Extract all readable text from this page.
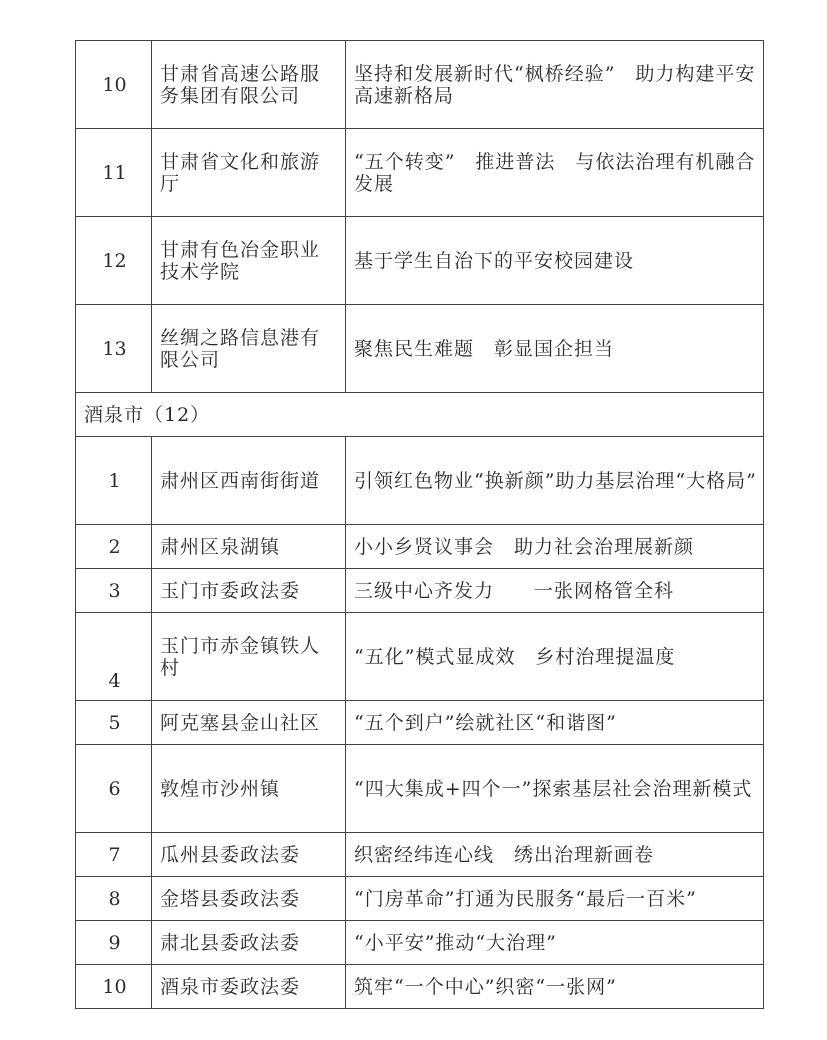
10	甘肃省高速公路服务集团有限公司	坚持和发展新时代“枫桥经验”　助力构建平安高速新格局
11	甘肃省文化和旅游厅	“五个转变”　推进普法　与依法治理有机融合发展
12	甘肃有色冶金职业技术学院	基于学生自治下的平安校园建设
13	丝绸之路信息港有限公司	聚焦民生难题　彰显国企担当
酒泉市（12）		
1	肃州区西南街街道	引领红色物业“换新颜”助力基层治理“大格局”
2	肃州区泉湖镇	小小乡贤议事会　助力社会治理展新颜
3	玉门市委政法委	三级中心齐发力　　一张网格管全科
4	玉门市赤金镇铁人村	“五化”模式显成效　乡村治理提温度
5	阿克塞县金山社区	“五个到户”绘就社区“和谐图”
6	敦煌市沙州镇	“四大集成+四个一”探索基层社会治理新模式
7	瓜州县委政法委	织密经纬连心线　绣出治理新画卷
8	金塔县委政法委	“门房革命”打通为民服务“最后一百米”
9	肃北县委政法委	“小平安”推动“大治理”
10	酒泉市委政法委	筑牢“一个中心”织密“一张网”
